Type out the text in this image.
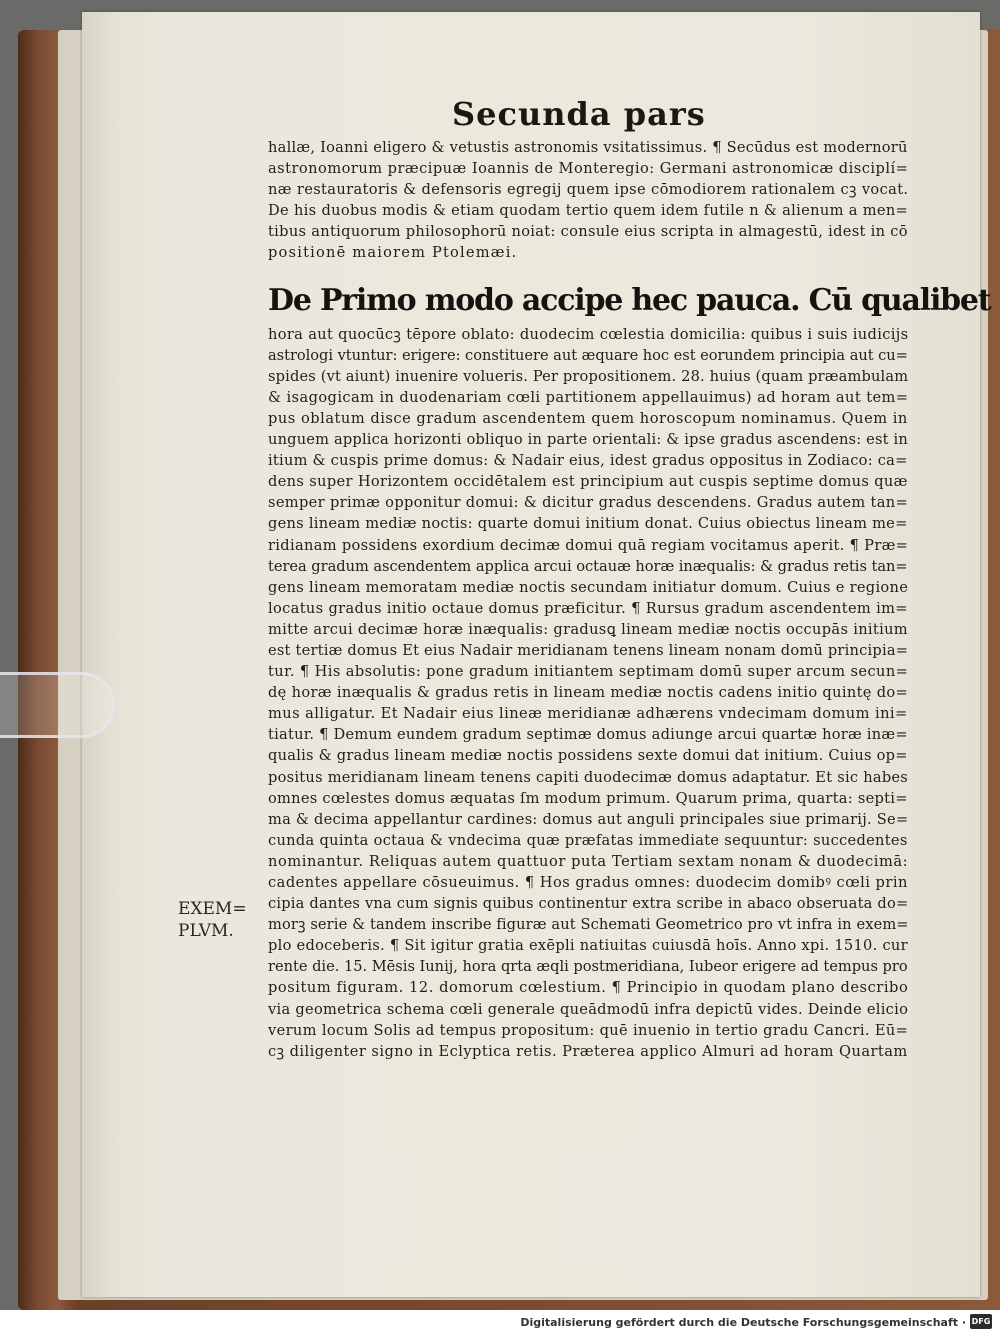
Secunda pars
hallæ, Ioanni eligero & vetustis astronomis vsitatissimus. ¶ Secūdus est modernorū
astronomorum præcipuæ Ioannis de Monteregio: Germani astronomicæ disciplí=
næ restauratoris & defensoris egregij quem ipse cōmodiorem rationalem cꝫ vocat.
De his duobus modis & etiam quodam tertio quem idem futile n & alienum a men=
tibus antiquorum philosophorū noiat: consule eius scripta in almagestū, idest in cō
positionē maiorem Ptolemæi.
De Primo modo accipe hec pauca. Cū qualibet
hora aut quocūcꝫ tēpore oblato: duodecim cœlestia domicilia: quibus i suis iudicijs
astrologi vtuntur: erigere: constituere aut æquare hoc est eorundem principia aut cu=
spides (vt aiunt) inuenire volueris. Per propositionem. 28. huius (quam præambulam
& isagogicam in duodenariam cœli partitionem appellauimus) ad horam aut tem=
pus oblatum disce gradum ascendentem quem horoscopum nominamus. Quem in
unguem applica horizonti obliquo in parte orientali: & ipse gradus ascendens: est in
itium & cuspis prime domus: & Nadair eius, idest gradus oppositus in Zodiaco: ca=
dens super Horizontem occidētalem est principium aut cuspis septime domus quæ
semper primæ opponitur domui: & dicitur gradus descendens. Gradus autem tan=
gens lineam mediæ noctis: quarte domui initium donat. Cuius obiectus lineam me=
ridianam possidens exordium decimæ domui quā regiam vocitamus aperit. ¶ Præ=
terea gradum ascendentem applica arcui octauæ horæ inæqualis: & gradus retis tan=
gens lineam memoratam mediæ noctis secundam initiatur domum. Cuius e regione
locatus gradus initio octaue domus præficitur. ¶ Rursus gradum ascendentem im=
mitte arcui decimæ horæ inæqualis: gradusꝗ lineam mediæ noctis occupās initium
est tertiæ domus Et eius Nadair meridianam tenens lineam nonam domū principia=
tur. ¶ His absolutis: pone gradum initiantem septimam domū super arcum secun=
dę horæ inæqualis & gradus retis in lineam mediæ noctis cadens initio quintę do=
mus alligatur. Et Nadair eius lineæ meridianæ adhærens vndecimam domum ini=
tiatur. ¶ Demum eundem gradum septimæ domus adiunge arcui quartæ horæ inæ=
qualis & gradus lineam mediæ noctis possidens sexte domui dat initium. Cuius op=
positus meridianam lineam tenens capiti duodecimæ domus adaptatur. Et sic habes
omnes cœlestes domus æquatas ſm modum primum. Quarum prima, quarta: septi=
ma & decima appellantur cardines: domus aut anguli principales siue primarij. Se=
cunda quinta octaua & vndecima quæ præfatas immediate sequuntur: succedentes
nominantur. Reliquas autem quattuor puta Tertiam sextam nonam & duodecimā:
cadentes appellare cōsueuimus. ¶ Hos gradus omnes: duodecim domibꝰ cœli prin
cipia dantes vna cum signis quibus continentur extra scribe in abaco obseruata do=
morꝫ serie & tandem inscribe figuræ aut Schemati Geometrico pro vt infra in exem=
plo edoceberis. ¶ Sit igitur gratia exēpli natiuitas cuiusdā hoīs. Anno xpi. 1510. cur
rente die. 15. Mēsis Iunij, hora qrta æqli postmeridiana, Iubeor erigere ad tempus pro
positum figuram. 12. domorum cœlestium. ¶ Principio in quodam plano describo
via geometrica schema cœli generale queādmodū infra depictū vides. Deinde elicio
verum locum Solis ad tempus propositum: quē inuenio in tertio gradu Cancri. Eū=
cꝫ diligenter signo in Eclyptica retis. Præterea applico Almuri ad horam Quartam
EXEM=
PLVM.
Digitalisierung gefördert durch die Deutsche Forschungsgemeinschaft · DFG
